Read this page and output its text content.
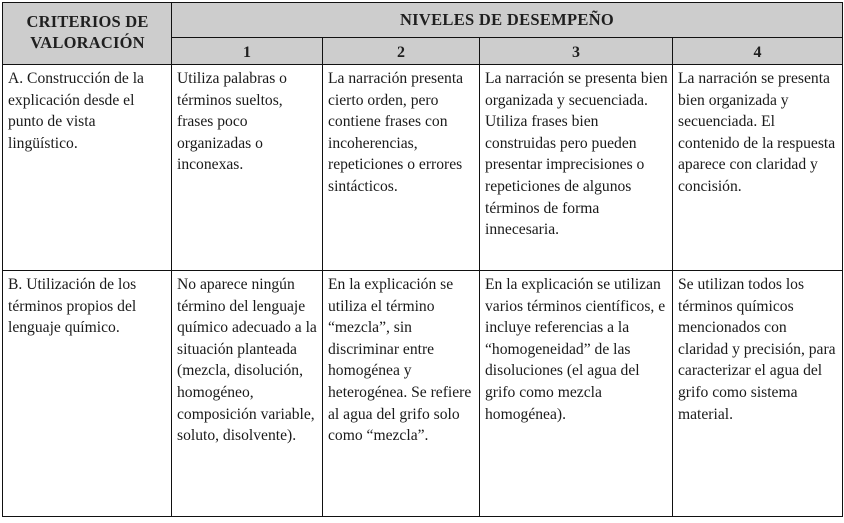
CRITERIOS DE VALORACIÓN	NIVELES DE DESEMPEÑO			
	1	2	3	4
A. Construcción de la explicación desde el punto de vista lingüístico.	Utiliza palabras o términos sueltos, frases poco organizadas o inconexas.	La narración presenta cierto orden, pero contiene frases con incoherencias, repeticiones o errores sintácticos.	La narración se presenta bien organizada y secuenciada. Utiliza frases bien construidas pero pueden presentar imprecisiones o repeticiones de algunos términos de forma innecesaria.	La narración se presenta bien organizada y secuenciada. El contenido de la respuesta aparece con claridad y concisión.
B. Utilización de los términos propios del lenguaje químico.	No aparece ningún término del lenguaje químico adecuado a la situación planteada (mezcla, disolución, homogéneo, composición variable, soluto, disolvente).	En la explicación se utiliza el término “mezcla”, sin discriminar entre homogénea y heterogénea. Se refiere al agua del grifo solo como “mezcla”.	En la explicación se utilizan varios términos científicos, e incluye referencias a la “homogeneidad” de las disoluciones (el agua del grifo como mezcla homogénea).	Se utilizan todos los términos químicos mencionados con claridad y precisión, para caracterizar el agua del grifo como sistema material.
